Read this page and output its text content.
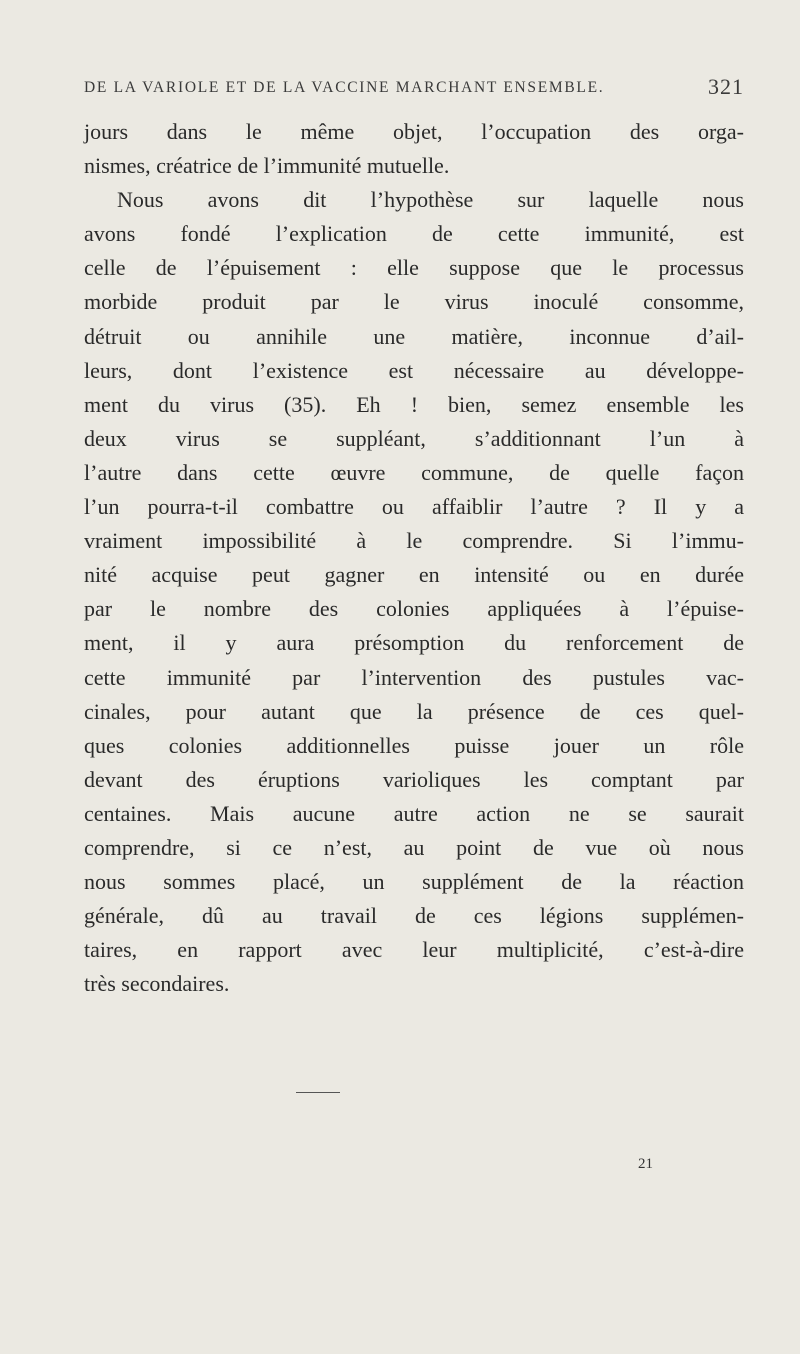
DE LA VARIOLE ET DE LA VACCINE MARCHANT ENSEMBLE.	321
jours dans le même objet, l’occupation des orga-
nismes, créatrice de l’immunité mutuelle.
Nous avons dit l’hypothèse sur laquelle nous
avons fondé l’explication de cette immunité, est
celle de l’épuisement : elle suppose que le processus
morbide produit par le virus inoculé consomme,
détruit ou annihile une matière, inconnue d’ail-
leurs, dont l’existence est nécessaire au développe-
ment du virus (35). Eh ! bien, semez ensemble les
deux virus se suppléant, s’additionnant l’un à
l’autre dans cette œuvre commune, de quelle façon
l’un pourra-t-il combattre ou affaiblir l’autre ? Il y a
vraiment impossibilité à le comprendre. Si l’immu-
nité acquise peut gagner en intensité ou en durée
par le nombre des colonies appliquées à l’épuise-
ment, il y aura présomption du renforcement de
cette immunité par l’intervention des pustules vac-
cinales, pour autant que la présence de ces quel-
ques colonies additionnelles puisse jouer un rôle
devant des éruptions varioliques les comptant par
centaines. Mais aucune autre action ne se saurait
comprendre, si ce n’est, au point de vue où nous
nous sommes placé, un supplément de la réaction
générale, dû au travail de ces légions supplémen-
taires, en rapport avec leur multiplicité, c’est-à-dire
très secondaires.
21
